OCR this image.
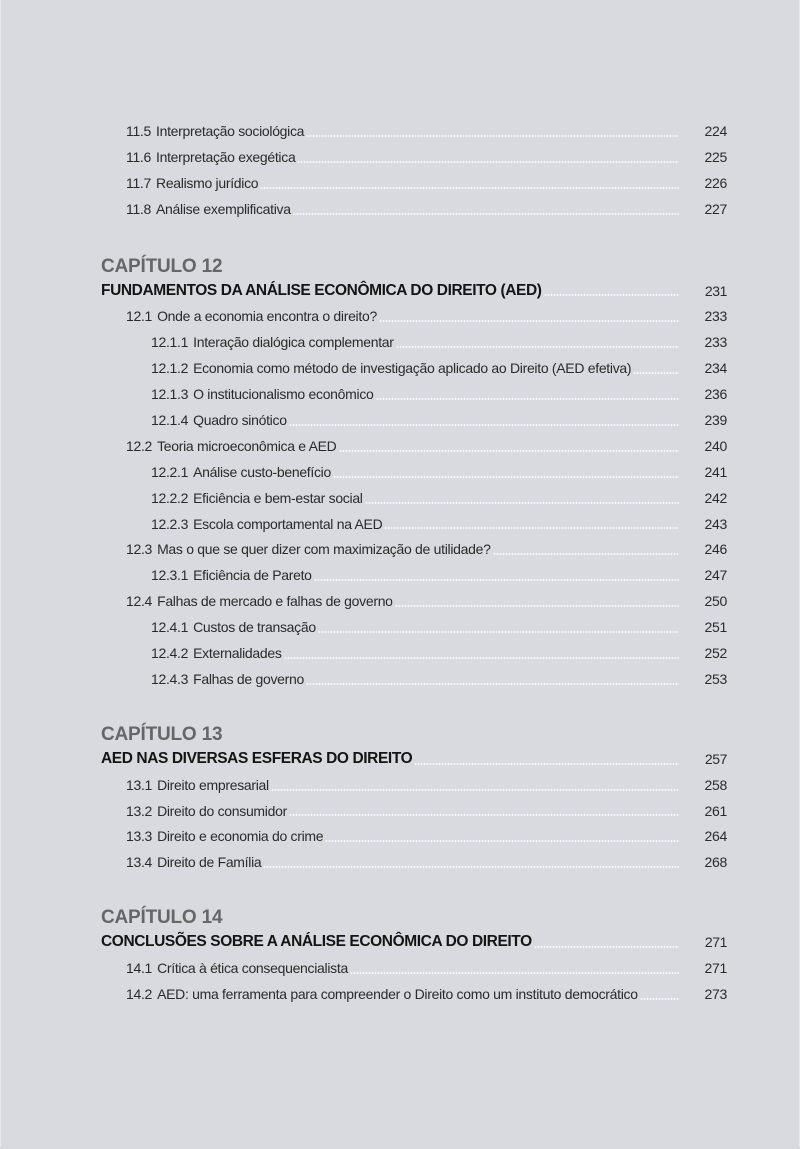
11.5 Interpretação sociológica	224
11.6 Interpretação exegética	225
11.7 Realismo jurídico	226
11.8 Análise exemplificativa	227
CAPÍTULO 12
FUNDAMENTOS DA ANÁLISE ECONÔMICA DO DIREITO (AED)	231
12.1 Onde a economia encontra o direito?	233
12.1.1 Interação dialógica complementar	233
12.1.2 Economia como método de investigação aplicado ao Direito (AED efetiva)	234
12.1.3 O institucionalismo econômico	236
12.1.4 Quadro sinótico	239
12.2 Teoria microeconômica e AED	240
12.2.1 Análise custo-benefício	241
12.2.2 Eficiência e bem-estar social	242
12.2.3 Escola comportamental na AED	243
12.3 Mas o que se quer dizer com maximização de utilidade?	246
12.3.1 Eficiência de Pareto	247
12.4 Falhas de mercado e falhas de governo	250
12.4.1 Custos de transação	251
12.4.2 Externalidades	252
12.4.3 Falhas de governo	253
CAPÍTULO 13
AED NAS DIVERSAS ESFERAS DO DIREITO	257
13.1 Direito empresarial	258
13.2 Direito do consumidor	261
13.3 Direito e economia do crime	264
13.4 Direito de Família	268
CAPÍTULO 14
CONCLUSÕES SOBRE A ANÁLISE ECONÔMICA DO DIREITO	271
14.1 Crítica à ética consequencialista	271
14.2 AED: uma ferramenta para compreender o Direito como um instituto democrático	273
